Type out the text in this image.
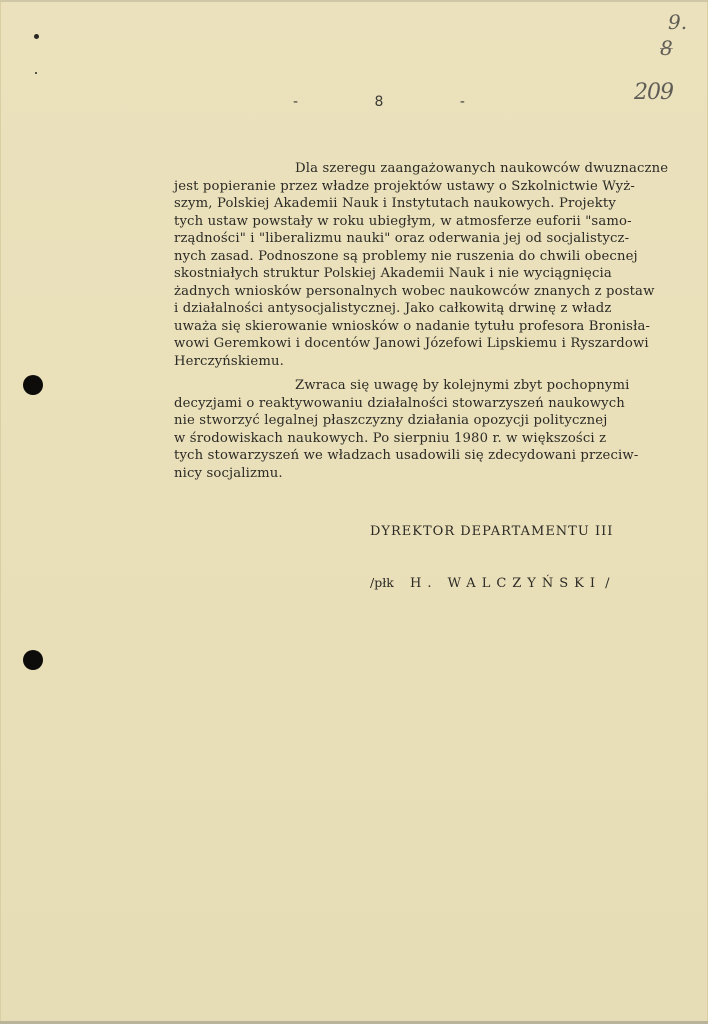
9.
8
209
-	8	-
Dla szeregu zaangażowanych naukowców dwuznaczne
jest popieranie przez władze projektów ustawy o Szkolnictwie Wyż-
szym, Polskiej Akademii Nauk i Instytutach naukowych. Projekty
tych ustaw powstały w roku ubiegłym, w atmosferze euforii "samo-
rządności" i "liberalizmu nauki" oraz oderwania jej od socjalistycz-
nych zasad. Podnoszone są problemy nie ruszenia do chwili obecnej
skostniałych struktur Polskiej Akademii Nauk i nie wyciągnięcia
żadnych wniosków personalnych wobec naukowców znanych z postaw
i działalności antysocjalistycznej. Jako całkowitą drwinę z władz
uważa się skierowanie wniosków o nadanie tytułu profesora Bronisła-
wowi Geremkowi i docentów Janowi Józefowi Lipskiemu i Ryszardowi
Herczyńskiemu.
Zwraca się uwagę by kolejnymi zbyt pochopnymi
decyzjami o reaktywowaniu działalności stowarzyszeń naukowych
nie stworzyć legalnej płaszczyzny działania opozycji politycznej
w środowiskach naukowych. Po sierpniu 1980 r. w większości z
tych stowarzyszeń we władzach usadowili się zdecydowani przeciw-
nicy socjalizmu.
DYREKTOR DEPARTAMENTU III
/płk H. WALCZYŃSKI /
